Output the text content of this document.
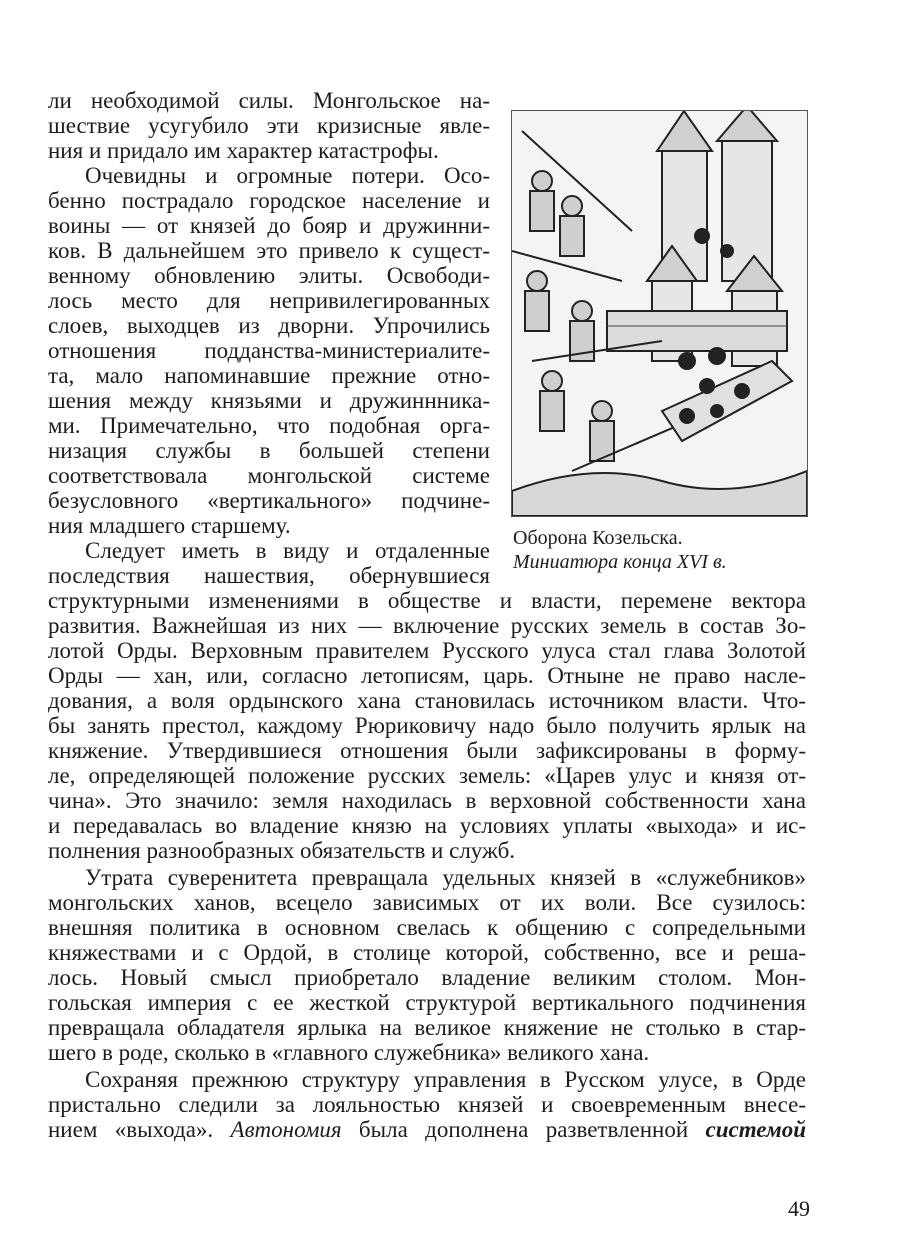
Оборона Козельска.
Миниатюра конца XVI в.
ли необходимой силы. Монгольское на-
шествие усугубило эти кризисные явле-
ния и придало им характер катастрофы.
Очевидны и огромные потери. Осо-
бенно пострадало городское население и
воины — от князей до бояр и дружинни-
ков. В дальнейшем это привело к сущест-
венному обновлению элиты. Освободи-
лось место для непривилегированных
слоев, выходцев из дворни. Упрочились
отношения подданства-министериалите-
та, мало напоминавшие прежние отно-
шения между князьями и дружиннника-
ми. Примечательно, что подобная орга-
низация службы в большей степени
соответствовала монгольской системе
безусловного «вертикального» подчине-
ния младшего старшему.
Следует иметь в виду и отдаленные
последствия нашествия, обернувшиеся
структурными изменениями в обществе и власти, перемене вектора
развития. Важнейшая из них — включение русских земель в состав Зо-
лотой Орды. Верховным правителем Русского улуса стал глава Золотой
Орды — хан, или, согласно летописям, царь. Отныне не право насле-
дования, а воля ордынского хана становилась источником власти. Что-
бы занять престол, каждому Рюриковичу надо было получить ярлык на
княжение. Утвердившиеся отношения были зафиксированы в форму-
ле, определяющей положение русских земель: «Царев улус и князя от-
чина». Это значило: земля находилась в верховной собственности хана
и передавалась во владение князю на условиях уплаты «выхода» и ис-
полнения разнообразных обязательств и служб.
Утрата суверенитета превращала удельных князей в «служебников»
монгольских ханов, всецело зависимых от их воли. Все сузилось:
внешняя политика в основном свелась к общению с сопредельными
княжествами и с Ордой, в столице которой, собственно, все и реша-
лось. Новый смысл приобретало владение великим столом. Мон-
гольская империя с ее жесткой структурой вертикального подчинения
превращала обладателя ярлыка на великое княжение не столько в стар-
шего в роде, сколько в «главного служебника» великого хана.
Сохраняя прежнюю структуру управления в Русском улусе, в Орде
пристально следили за лояльностью князей и своевременным внесе-
нием «выхода». Автономия была дополнена разветвленной системой
49
